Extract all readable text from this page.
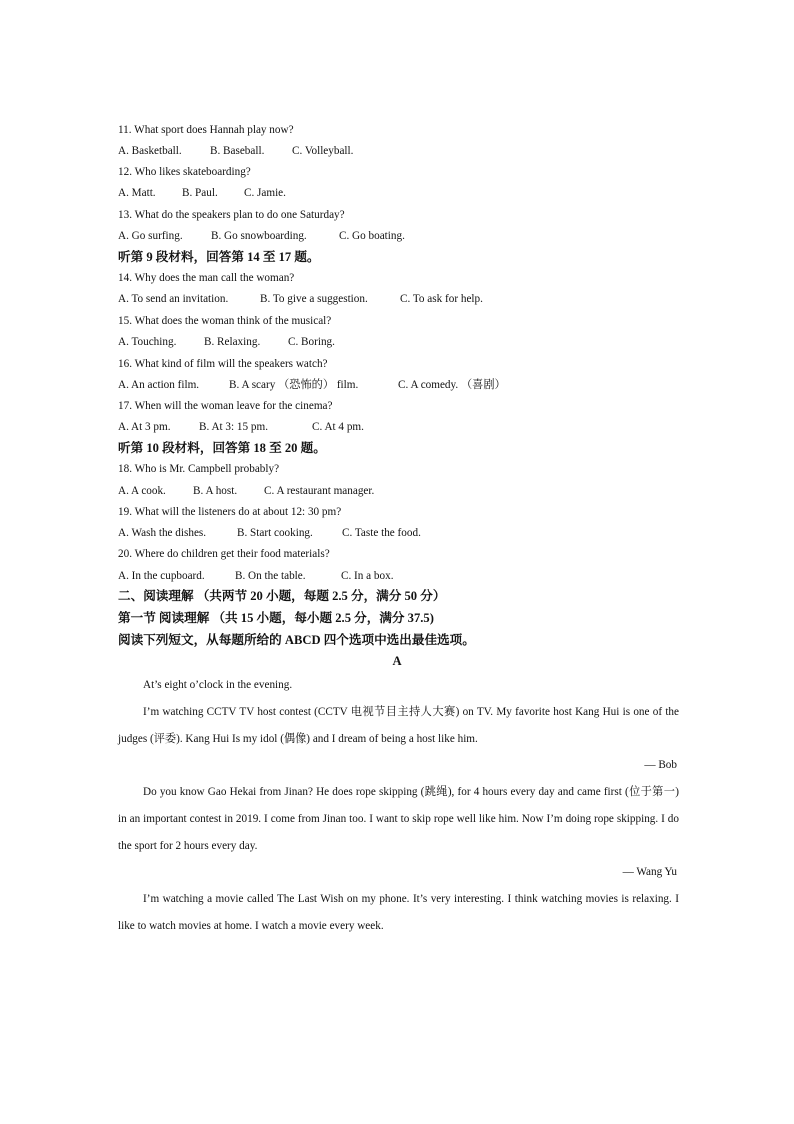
11. What sport does Hannah play now?
A. Basketball.	B. Baseball. C. Volleyball.
12. Who likes skateboarding?
A. Matt. B. Paul. C. Jamie.
13. What do the speakers plan to do one Saturday?
A. Go surfing.	B. Go snowboarding.	C. Go boating.
听第 9 段材料，回答第 14 至 17 题。
14. Why does the man call the woman?
A. To send an invitation.	B. To give a suggestion.	C. To ask for help.
15. What does the woman think of the musical?
A. Touching. B. Relaxing. C. Boring.
16. What kind of film will the speakers watch?
A. An action film.	B. A scary （恐怖的） film.	C. A comedy. （喜剧）
17. When will the woman leave for the cinema?
A. At 3 pm.	B. At 3: 15 pm.	C. At 4 pm.
听第 10 段材料，回答第 18 至 20 题。
18. Who is Mr. Campbell probably?
A. A cook. B. A host. C. A restaurant manager.
19. What will the listeners do at about 12: 30 pm?
A. Wash the dishes.	B. Start cooking.	C. Taste the food.
20. Where do children get their food materials?
A. In the cupboard.	B. On the table.	C. In a box.
二、阅读理解 （共两节 20 小题，每题 2.5 分，满分 50 分）
第一节 阅读理解 （共 15 小题，每小题 2.5 分，满分 37.5)
阅读下列短文，从每题所给的 ABCD 四个选项中选出最佳选项。
A

At’s eight o’clock in the evening.

I’m watching CCTV TV host contest (CCTV 电视节目主持人大赛) on TV. My favorite host Kang Hui is one of the judges (评委). Kang Hui Is my idol (偶像) and I dream of being a host like him.

— Bob

Do you know Gao Hekai from Jinan? He does rope skipping (跳绳), for 4 hours every day and came first (位于第一) in an important contest in 2019. I come from Jinan too. I want to skip rope well like him. Now I’m doing rope skipping. I do the sport for 2 hours every day.

— Wang Yu

I’m watching a movie called The Last Wish on my phone. It’s very interesting. I think watching movies is relaxing. I like to watch movies at home. I watch a movie every week.
